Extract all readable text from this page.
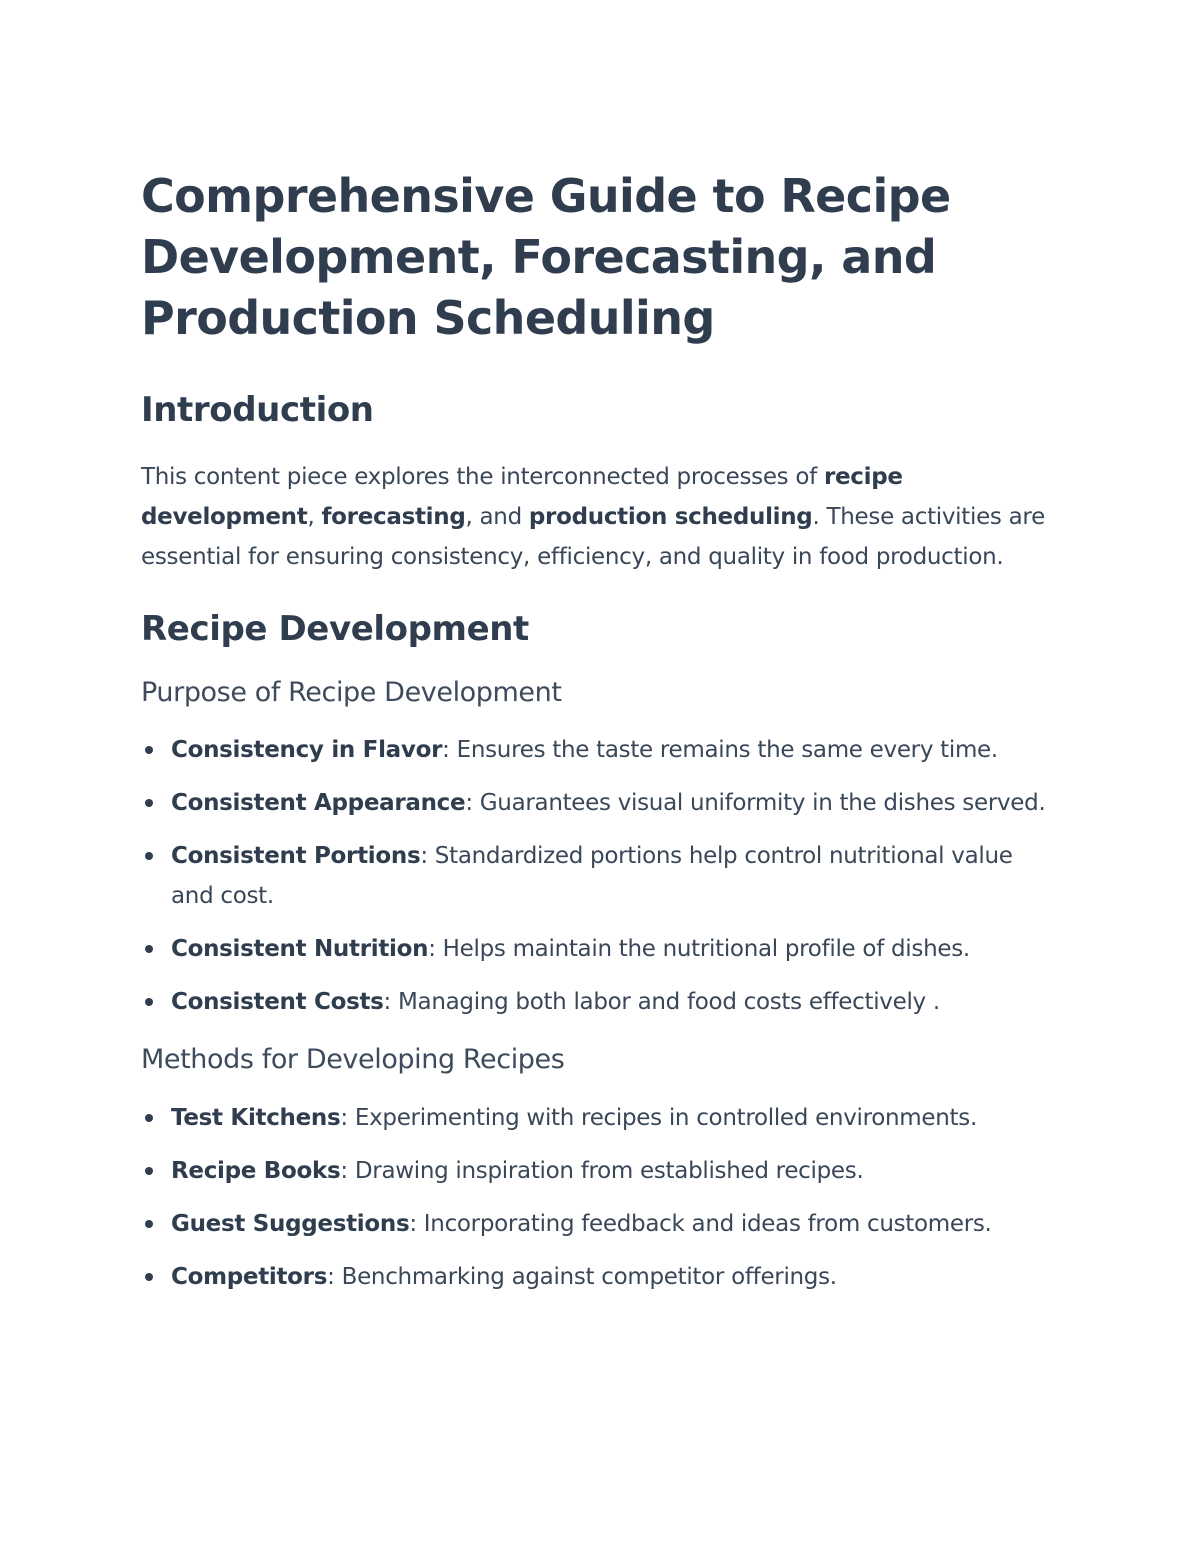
Comprehensive Guide to Recipe Development, Forecasting, and Production Scheduling
Introduction

This content piece explores the interconnected processes of recipe development, forecasting, and production scheduling. These activities are essential for ensuring consistency, efficiency, and quality in food production.

Recipe Development
Purpose of Recipe Development
Consistency in Flavor: Ensures the taste remains the same every time.
Consistent Appearance: Guarantees visual uniformity in the dishes served.
Consistent Portions: Standardized portions help control nutritional value and cost.
Consistent Nutrition: Helps maintain the nutritional profile of dishes.
Consistent Costs: Managing both labor and food costs effectively .
Methods for Developing Recipes
Test Kitchens: Experimenting with recipes in controlled environments.
Recipe Books: Drawing inspiration from established recipes.
Guest Suggestions: Incorporating feedback and ideas from customers.
Competitors: Benchmarking against competitor offerings.
